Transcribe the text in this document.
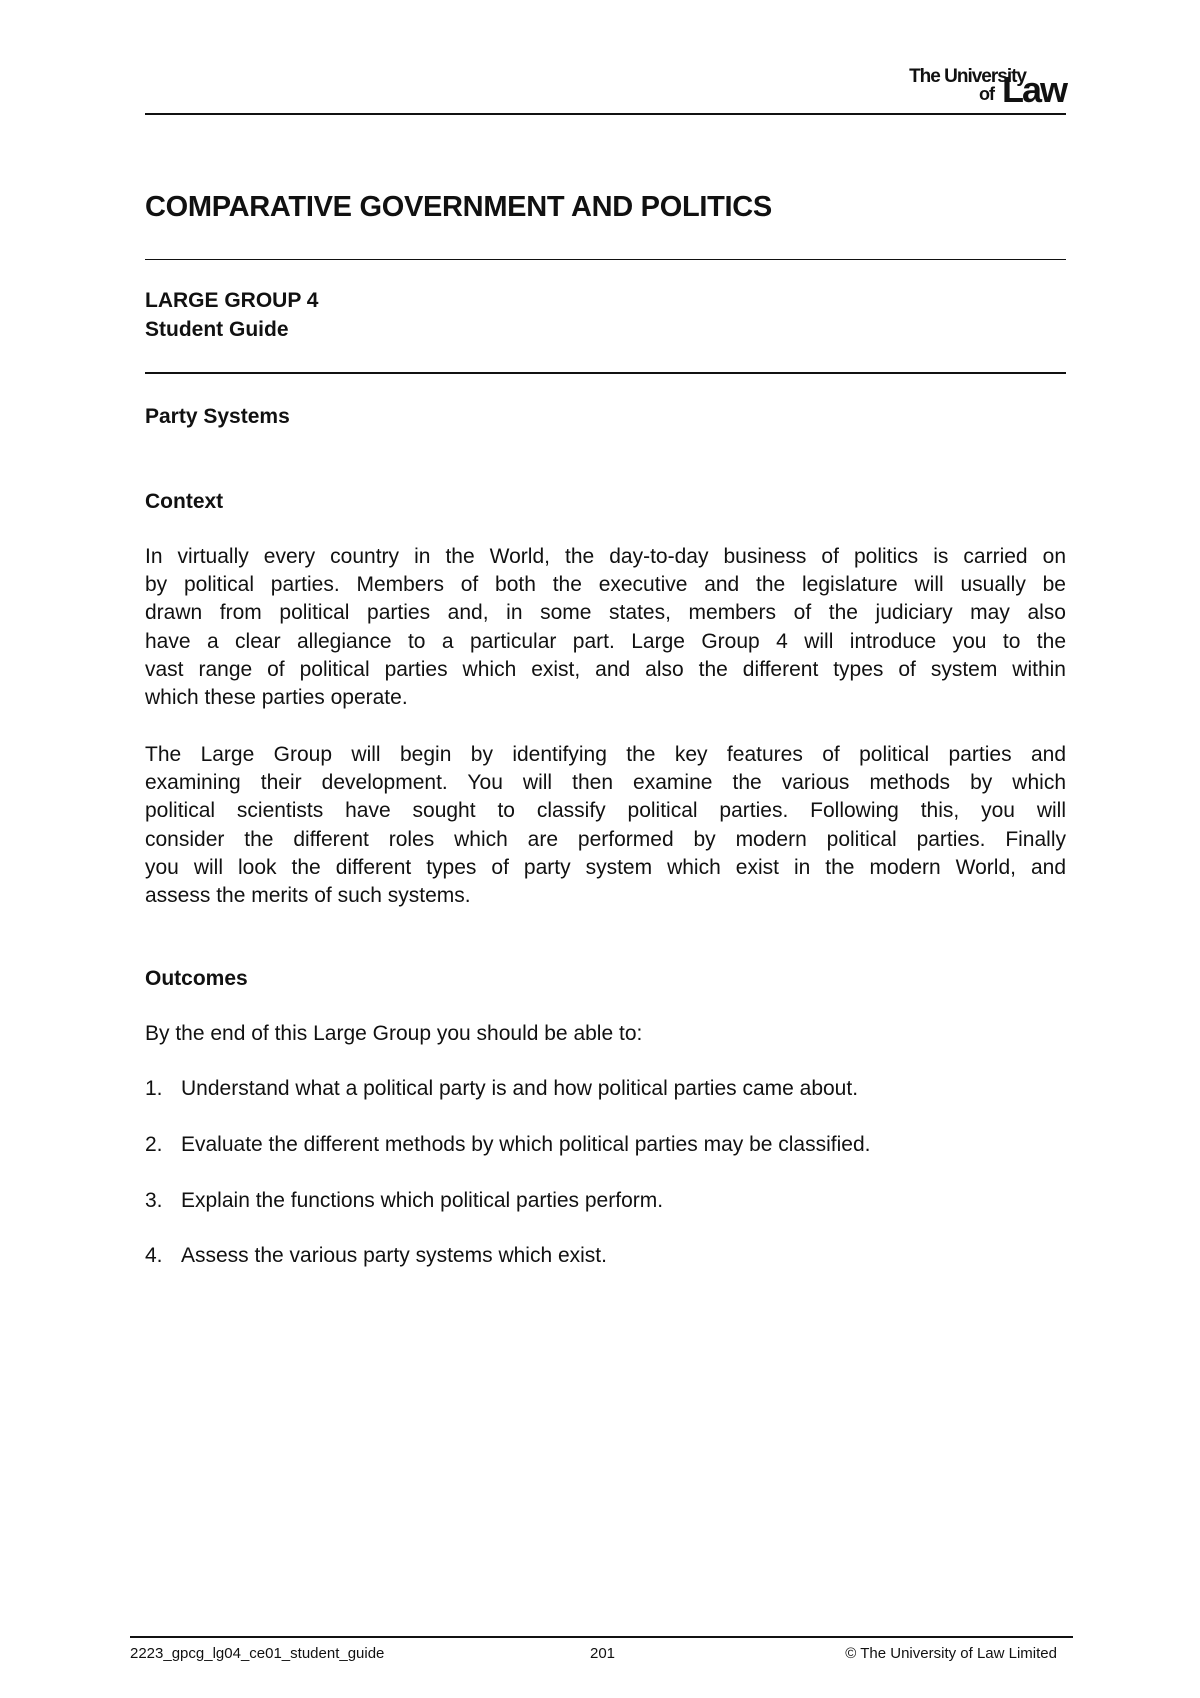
The University
of Law
COMPARATIVE GOVERNMENT AND POLITICS
LARGE GROUP 4
Student Guide
Party Systems
Context
In virtually every country in the World, the day-to-day business of politics is carried on
by political parties. Members of both the executive and the legislature will usually be
drawn from political parties and, in some states, members of the judiciary may also
have a clear allegiance to a particular part. Large Group 4 will introduce you to the
vast range of political parties which exist, and also the different types of system within
which these parties operate.
The Large Group will begin by identifying the key features of political parties and
examining their development. You will then examine the various methods by which
political scientists have sought to classify political parties. Following this, you will
consider the different roles which are performed by modern political parties. Finally
you will look the different types of party system which exist in the modern World, and
assess the merits of such systems.
Outcomes
By the end of this Large Group you should be able to:
1. Understand what a political party is and how political parties came about.
2. Evaluate the different methods by which political parties may be classified.
3. Explain the functions which political parties perform.
4. Assess the various party systems which exist.
2223_gpcg_lg04_ce01_student_guide	201	© The University of Law Limited
